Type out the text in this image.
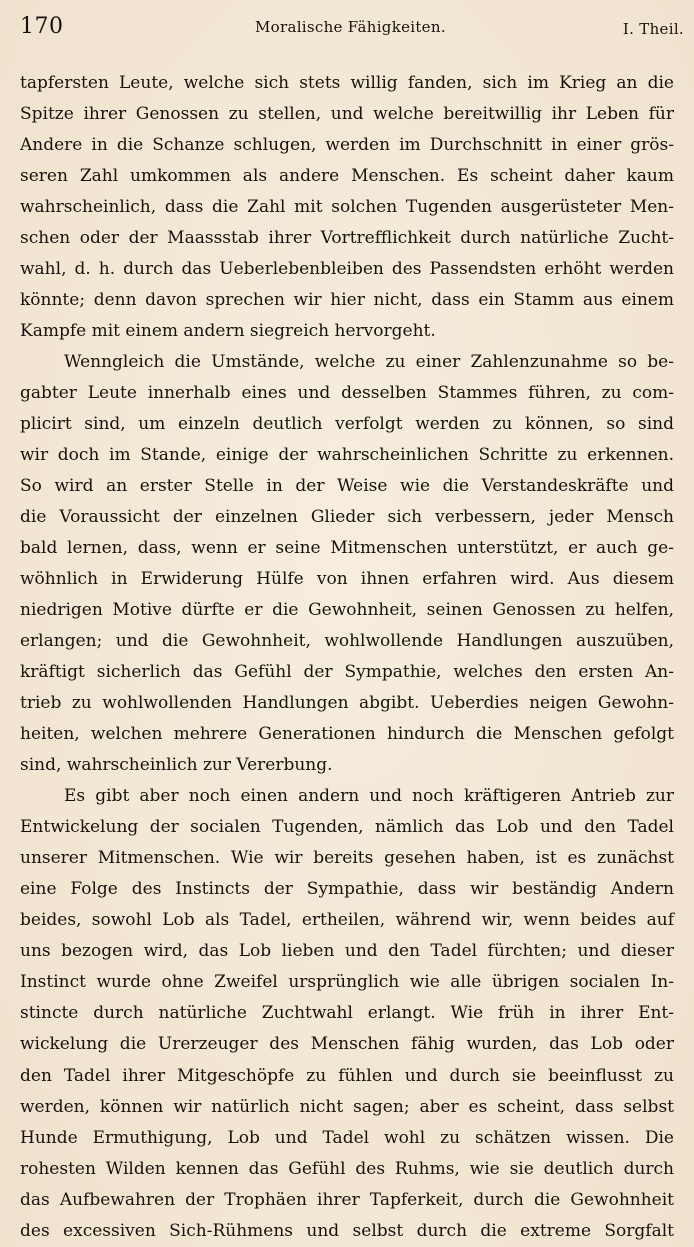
170	Moralische Fähigkeiten.	I. Theil.
tapfersten Leute, welche sich stets willig fanden, sich im Krieg an die
Spitze ihrer Genossen zu stellen, und welche bereitwillig ihr Leben für
Andere in die Schanze schlugen, werden im Durchschnitt in einer grös-
seren Zahl umkommen als andere Menschen. Es scheint daher kaum
wahrscheinlich, dass die Zahl mit solchen Tugenden ausgerüsteter Men-
schen oder der Maassstab ihrer Vortrefflichkeit durch natürliche Zucht-
wahl, d. h. durch das Ueberlebenbleiben des Passendsten erhöht werden
könnte; denn davon sprechen wir hier nicht, dass ein Stamm aus einem
Kampfe mit einem andern siegreich hervorgeht.
Wenngleich die Umstände, welche zu einer Zahlenzunahme so be-
gabter Leute innerhalb eines und desselben Stammes führen, zu com-
plicirt sind, um einzeln deutlich verfolgt werden zu können, so sind
wir doch im Stande, einige der wahrscheinlichen Schritte zu erkennen.
So wird an erster Stelle in der Weise wie die Verstandeskräfte und
die Voraussicht der einzelnen Glieder sich verbessern, jeder Mensch
bald lernen, dass, wenn er seine Mitmenschen unterstützt, er auch ge-
wöhnlich in Erwiderung Hülfe von ihnen erfahren wird. Aus diesem
niedrigen Motive dürfte er die Gewohnheit, seinen Genossen zu helfen,
erlangen; und die Gewohnheit, wohlwollende Handlungen auszuüben,
kräftigt sicherlich das Gefühl der Sympathie, welches den ersten An-
trieb zu wohlwollenden Handlungen abgibt. Ueberdies neigen Gewohn-
heiten, welchen mehrere Generationen hindurch die Menschen gefolgt
sind, wahrscheinlich zur Vererbung.
Es gibt aber noch einen andern und noch kräftigeren Antrieb zur
Entwickelung der socialen Tugenden, nämlich das Lob und den Tadel
unserer Mitmenschen. Wie wir bereits gesehen haben, ist es zunächst
eine Folge des Instincts der Sympathie, dass wir beständig Andern
beides, sowohl Lob als Tadel, ertheilen, während wir, wenn beides auf
uns bezogen wird, das Lob lieben und den Tadel fürchten; und dieser
Instinct wurde ohne Zweifel ursprünglich wie alle übrigen socialen In-
stincte durch natürliche Zuchtwahl erlangt. Wie früh in ihrer Ent-
wickelung die Urerzeuger des Menschen fähig wurden, das Lob oder
den Tadel ihrer Mitgeschöpfe zu fühlen und durch sie beeinflusst zu
werden, können wir natürlich nicht sagen; aber es scheint, dass selbst
Hunde Ermuthigung, Lob und Tadel wohl zu schätzen wissen. Die
rohesten Wilden kennen das Gefühl des Ruhms, wie sie deutlich durch
das Aufbewahren der Trophäen ihrer Tapferkeit, durch die Gewohnheit
des excessiven Sich-Rühmens und selbst durch die extreme Sorgfalt
